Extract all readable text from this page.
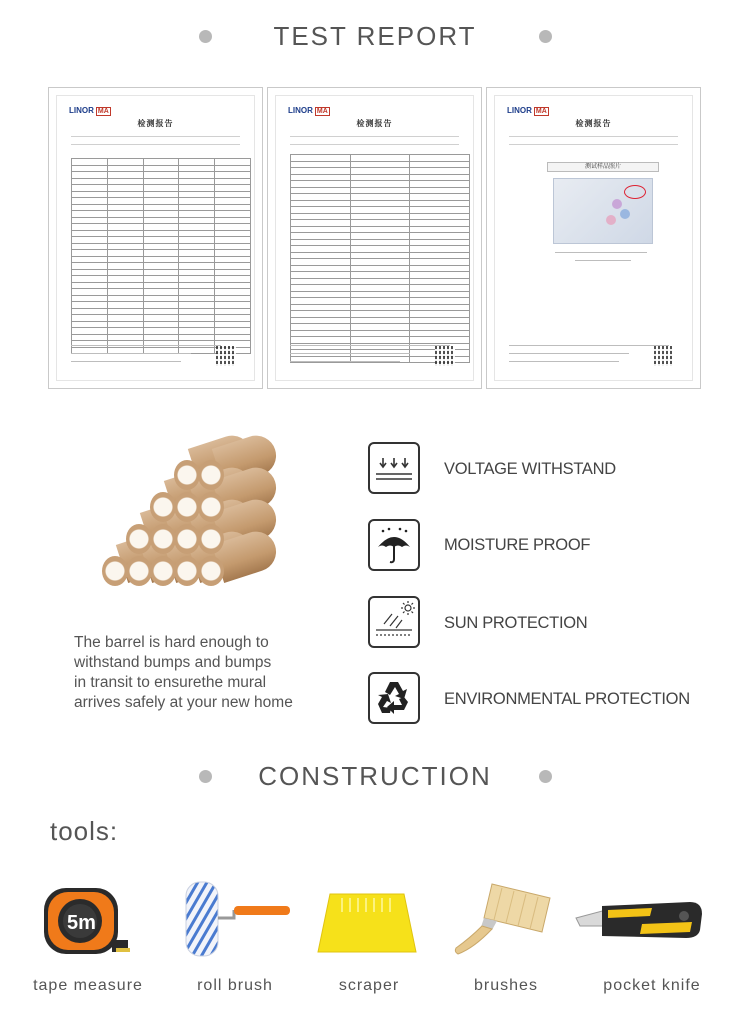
TEST REPORT
LINOR MA
检测报告

LINOR MA
检测报告

LINOR MA
检测报告
测试样品照片
The barrel is hard enough to
withstand bumps and bumps
in transit to ensurethe mural
arrives safely at your new home
VOLTAGE WITHSTAND
MOISTURE PROOF
SUN PROTECTION
ENVIRONMENTAL PROTECTION
CONSTRUCTION
tools:
5m
tape measure	roll brush	scraper	brushes	pocket knife
